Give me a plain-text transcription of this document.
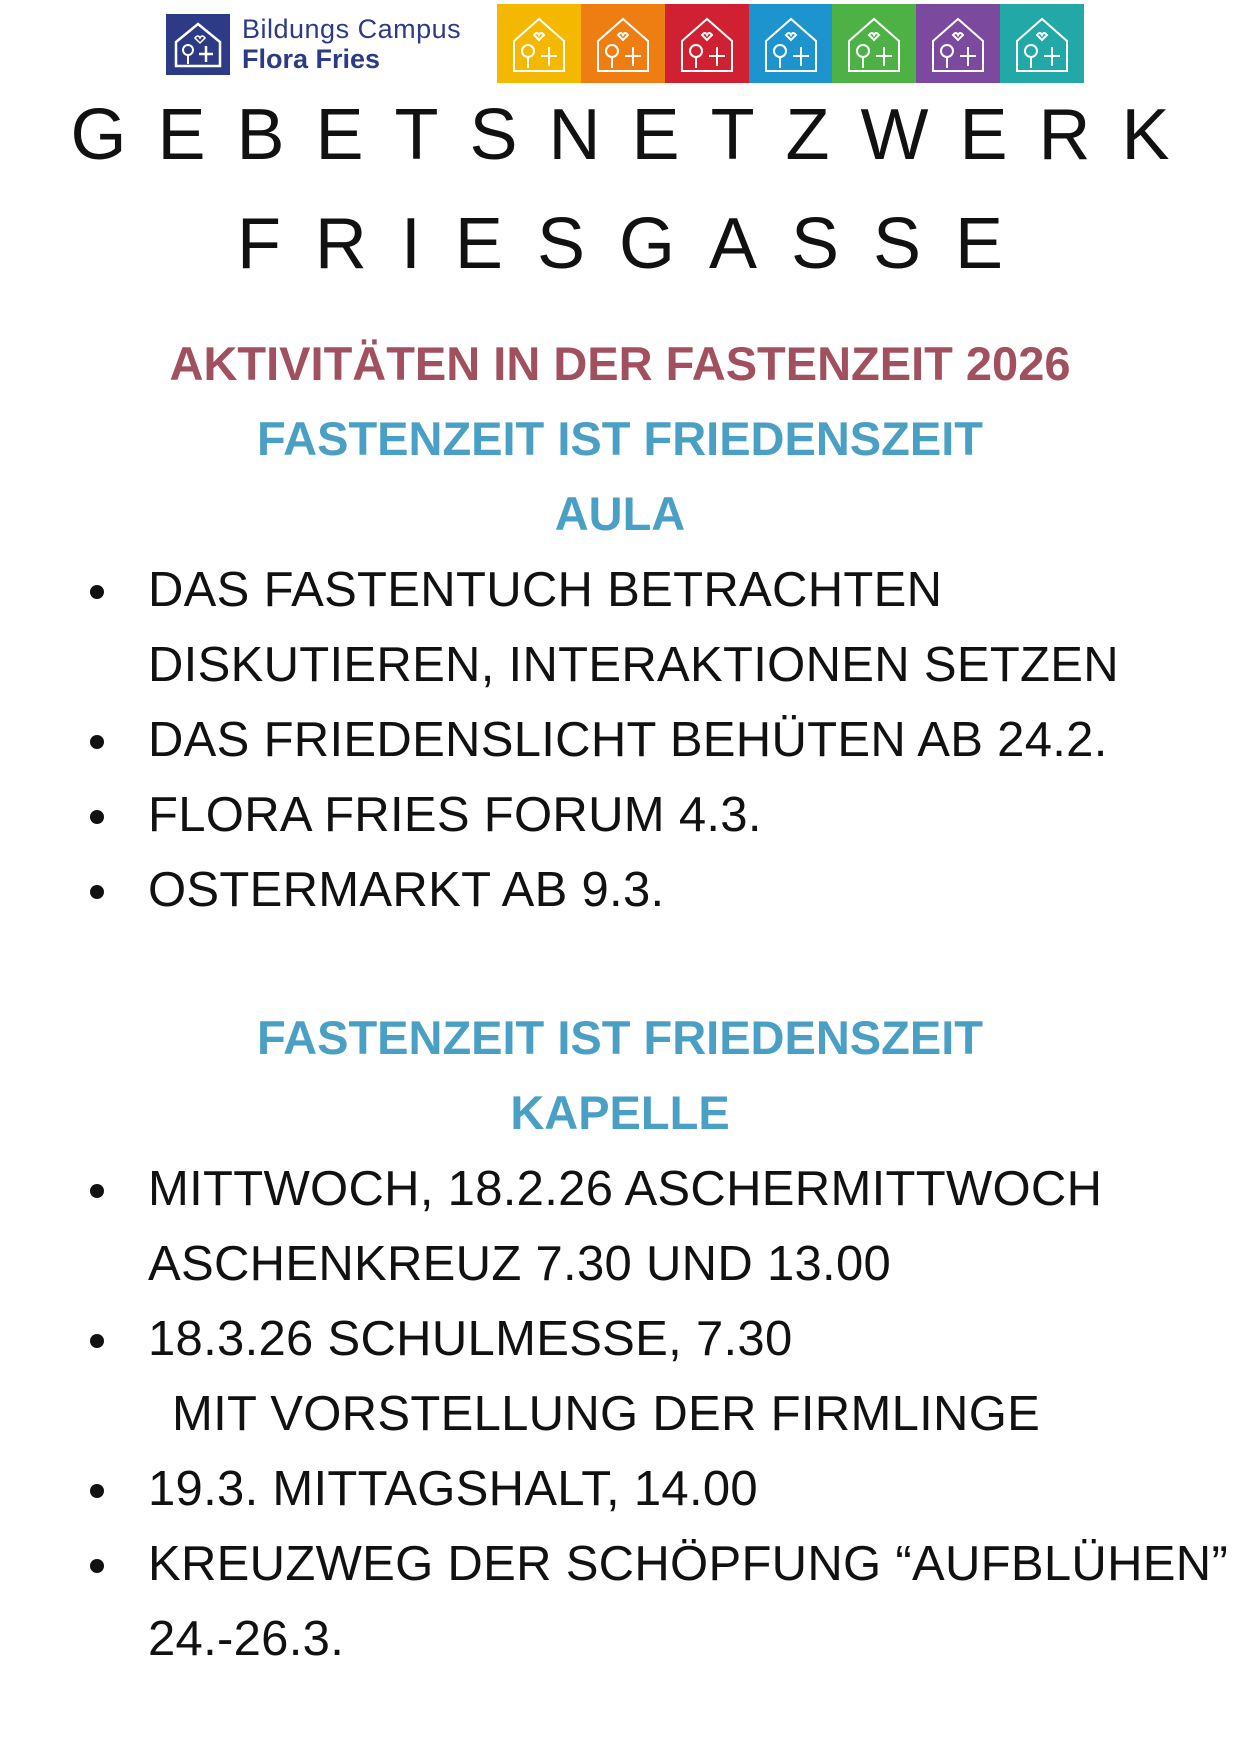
Bildungs Campus
Flora Fries
GEBETSNETZWERK
FRIESGASSE
AKTIVITÄTEN IN DER FASTENZEIT 2026
FASTENZEIT IST FRIEDENSZEIT
AULA
DAS FASTENTUCH BETRACHTEN
DISKUTIEREN, INTERAKTIONEN SETZEN
DAS FRIEDENSLICHT BEHÜTEN AB 24.2.
FLORA FRIES FORUM 4.3.
OSTERMARKT AB 9.3.
FASTENZEIT IST FRIEDENSZEIT
KAPELLE
MITTWOCH, 18.2.26 ASCHERMITTWOCH
ASCHENKREUZ 7.30 UND 13.00
18.3.26 SCHULMESSE, 7.30
MIT VORSTELLUNG DER FIRMLINGE
19.3. MITTAGSHALT, 14.00
KREUZWEG DER SCHÖPFUNG “AUFBLÜHEN”
24.-26.3.
